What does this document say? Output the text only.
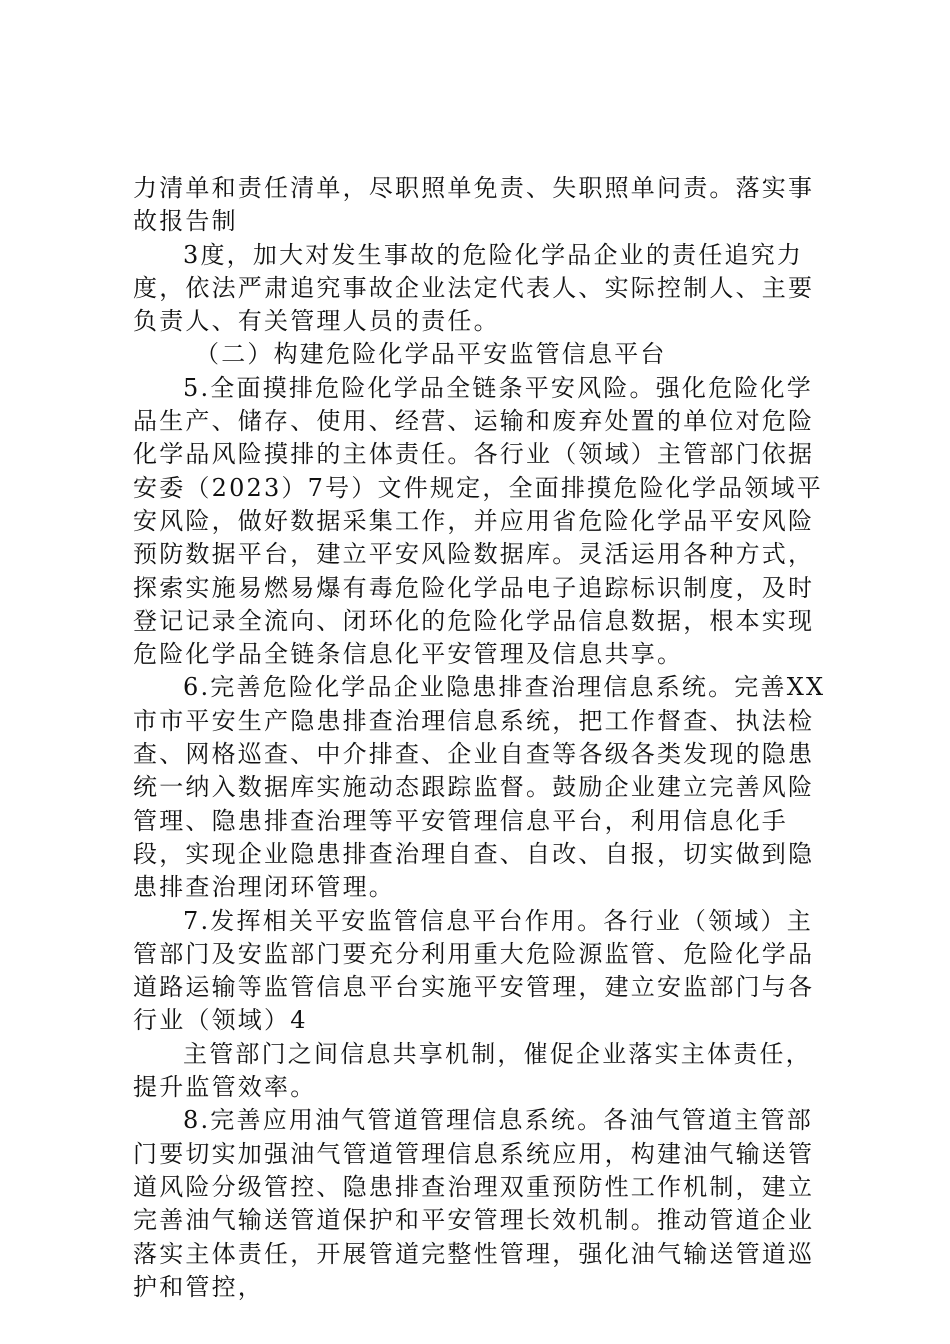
力清单和责任清单，尽职照单免责、失职照单问责。落实事故报告制

3度，加大对发生事故的危险化学品企业的责任追究力度，依法严肃追究事故企业法定代表人、实际控制人、主要负责人、有关管理人员的责任。

（二）构建危险化学品平安监管信息平台

5.全面摸排危险化学品全链条平安风险。强化危险化学品生产、储存、使用、经营、运输和废弃处置的单位对危险化学品风险摸排的主体责任。各行业（领域）主管部门依据安委（2023）7号）文件规定，全面排摸危险化学品领域平安风险，做好数据采集工作，并应用省危险化学品平安风险预防数据平台，建立平安风险数据库。灵活运用各种方式，探索实施易燃易爆有毒危险化学品电子追踪标识制度，及时登记记录全流向、闭环化的危险化学品信息数据，根本实现危险化学品全链条信息化平安管理及信息共享。

6.完善危险化学品企业隐患排查治理信息系统。完善XX市市平安生产隐患排查治理信息系统，把工作督查、执法检查、网格巡查、中介排查、企业自查等各级各类发现的隐患统一纳入数据库实施动态跟踪监督。鼓励企业建立完善风险管理、隐患排查治理等平安管理信息平台，利用信息化手段，实现企业隐患排查治理自查、自改、自报，切实做到隐患排查治理闭环管理。

7.发挥相关平安监管信息平台作用。各行业（领域）主管部门及安监部门要充分利用重大危险源监管、危险化学品道路运输等监管信息平台实施平安管理，建立安监部门与各行业（领域）4

主管部门之间信息共享机制，催促企业落实主体责任，提升监管效率。

8.完善应用油气管道管理信息系统。各油气管道主管部门要切实加强油气管道管理信息系统应用，构建油气输送管道风险分级管控、隐患排查治理双重预防性工作机制，建立完善油气输送管道保护和平安管理长效机制。推动管道企业落实主体责任，开展管道完整性管理，强化油气输送管道巡护和管控，
